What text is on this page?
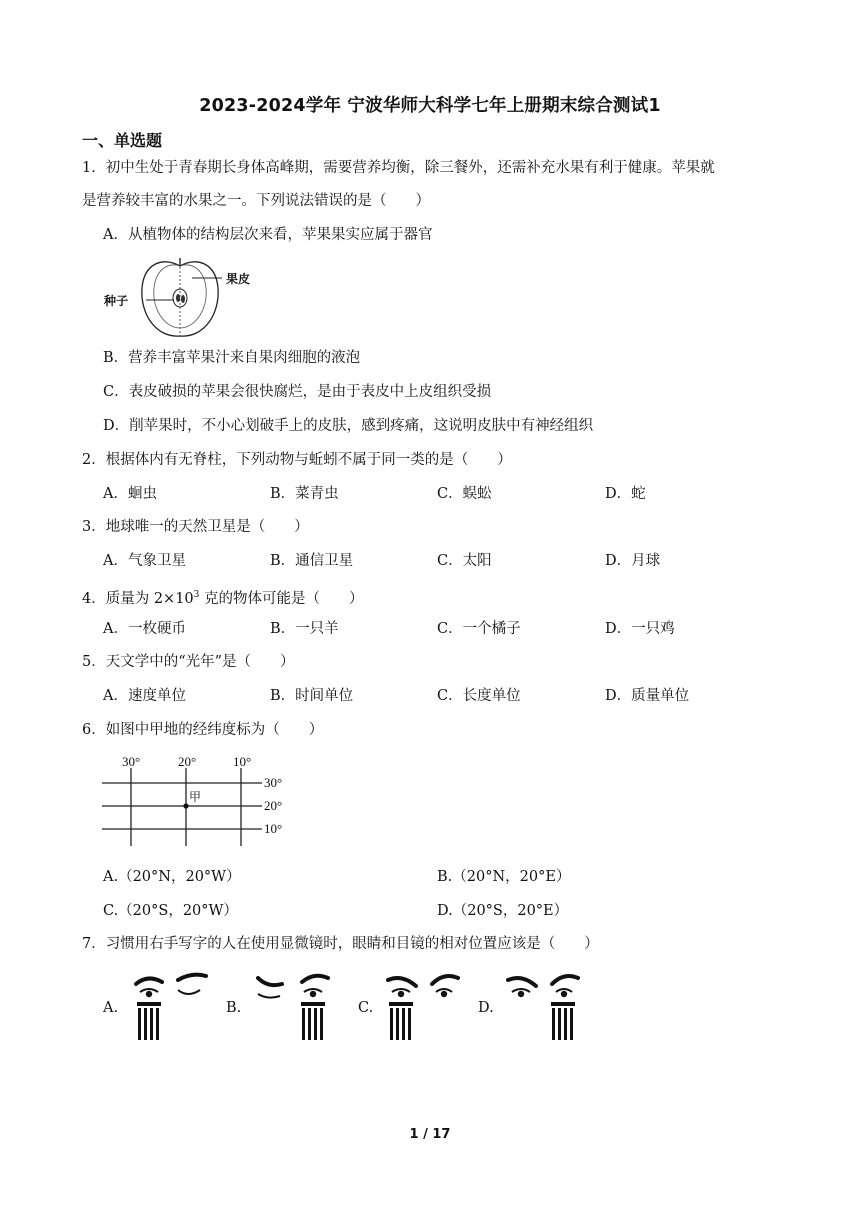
2023-2024学年 宁波华师大科学七年上册期末综合测试1
一、单选题
1．初中生处于青春期长身体高峰期，需要营养均衡，除三餐外，还需补充水果有利于健康。苹果就
是营养较丰富的水果之一。下列说法错误的是（　　）
A．从植物体的结构层次来看，苹果果实应属于器官
果皮
种子
B．营养丰富苹果汁来自果肉细胞的液泡
C．表皮破损的苹果会很快腐烂，是由于表皮中上皮组织受损
D．削苹果时，不小心划破手上的皮肤，感到疼痛，这说明皮肤中有神经组织
2．根据体内有无脊柱，下列动物与蚯蚓不属于同一类的是（　　）
A．蛔虫	B．菜青虫	C．蜈蚣	D．蛇
3．地球唯一的天然卫星是（　　）
A．气象卫星	B．通信卫星	C．太阳	D．月球
4．质量为 $2\times 10^3$ 克的物体可能是（　　）
A．一枚硬币	B．一只羊	C．一个橘子	D．一只鸡
5．天文学中的“光年”是（　　）
A．速度单位	B．时间单位	C．长度单位	D．质量单位
6．如图中甲地的经纬度标为（　　）
30°	20°	10°
30°
20°
10°
甲
A.（20°N，20°W）	B.（20°N，20°E）
C.（20°S，20°W）	D.（20°S，20°E）
7．习惯用右手写字的人在使用显微镜时，眼睛和目镜的相对位置应该是（　　）
A.	B.	C.	D.
1 / 17
